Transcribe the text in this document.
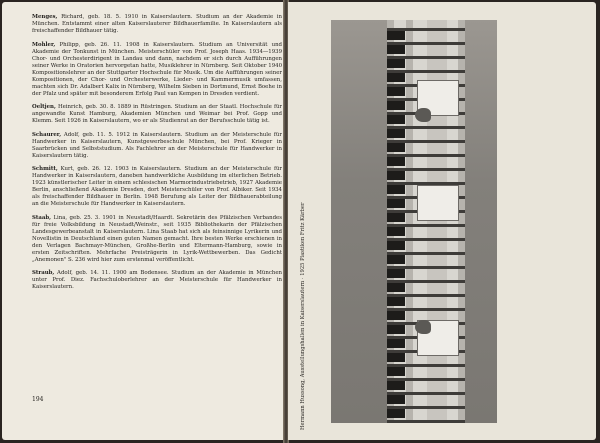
Menges, Richard, geb. 18. 5. 1910 in Kaiserslautern. Studium an der Akademie in München. Entstammt einer alten Kaiserslauterer Bildhauerfamilie. In Kaiserslautern als freischaffender Bildhauer tätig.
Mohler, Philipp, geb. 26. 11. 1908 in Kaiserslautern. Studium an Universität und Akademie der Tonkunst in München. Meisterschüler von Prof. Joseph Haas. 1934—1939 Chor- und Orchesterdirigent in Landau und dann, nachdem er sich durch Aufführungen seiner Werke in Oratorien hervorgetan hatte, Musiklehrer in Nürnberg. Seit Oktober 1940 Kompositionslehrer an der Stuttgarter Hochschule für Musik. Um die Aufführungen seiner Kompositionen, der Chor- und Orchesterwerke, Lieder- und Kammermusik umfassen, machten sich Dr. Adalbert Kalix in Nürnberg, Wilhelm Sieben in Dortmund, Ernst Boehe in der Pfalz und später mit besonderem Erfolg Paul van Kempen in Dresden verdient.
Oeltjen, Heinrich, geb. 30. 8. 1889 in Rüstringen. Studium an der Staatl. Hochschule für angewandte Kunst Hamburg, Akademien München und Weimar bei Prof. Gopp und Klemm. Seit 1926 in Kaiserslautern, wo er als Studienrat an der Berufsschule tätig ist.
Schaurer, Adolf, geb. 11. 5. 1912 in Kaiserslautern. Studium an der Meisterschule für Handwerker in Kaiserslautern, Kunstgewerbeschule München, bei Prof. Krieger in Saarbrücken und Selbststudium. Als Fachlehrer an der Meisterschule für Handwerker in Kaiserslautern tätig.
Schmitt, Kurt, geb. 26. 12. 1903 in Kaiserslautern. Studium an der Meisterschule für Handwerker in Kaiserslautern, daneben handwerkliche Ausbildung im elterlichen Betrieb. 1923 künstlerischer Leiter in einem schlesischen Marmorindustriebetrieb, 1927 Akademie Berlin, anschließend Akademie Dresden, dort Meisterschüler von Prof. Albiker. Seit 1934 als freischaffender Bildhauer in Berlin. 1948 Berufung als Leiter der Bildhauerabteilung an die Meisterschule für Handwerker in Kaiserslautern.
Staab, Lina, geb. 25. 3. 1901 in Neustadt/Haardt. Sekretärin des Pfälzischen Verbandes für freie Volksbildung in Neustadt/Weinstr., seit 1935 Bibliothekarin der Pfälzischen Landesgewerbeanstalt in Kaiserslautern. Lina Staab hat sich als feinsinnige Lyrikerin und Novellistin in Deutschland einen guten Namen gemacht. Ihre besten Werke erschienen in den Verlagen Bachmayr-München, Großhe-Berlin und Eltermann-Hamburg, sowie in ersten Zeitschriften. Mehrfache Preisträgerin in Lyrik-Wettbewerben. Das Gedicht „Anemonen" S. 236 wird hier zum erstenmal veröffentlicht.
Straub, Adolf, geb. 14. 11. 1900 am Bodensee. Studium an der Akademie in München unter Prof. Diez. Fachschuloberlehrer an der Meisterschule für Handwerker in Kaiserslautern.
194	Hermann Hussong, Ausstellungshallen in Kaiserslautern · 1925 Plastiken Fritz Kärber
